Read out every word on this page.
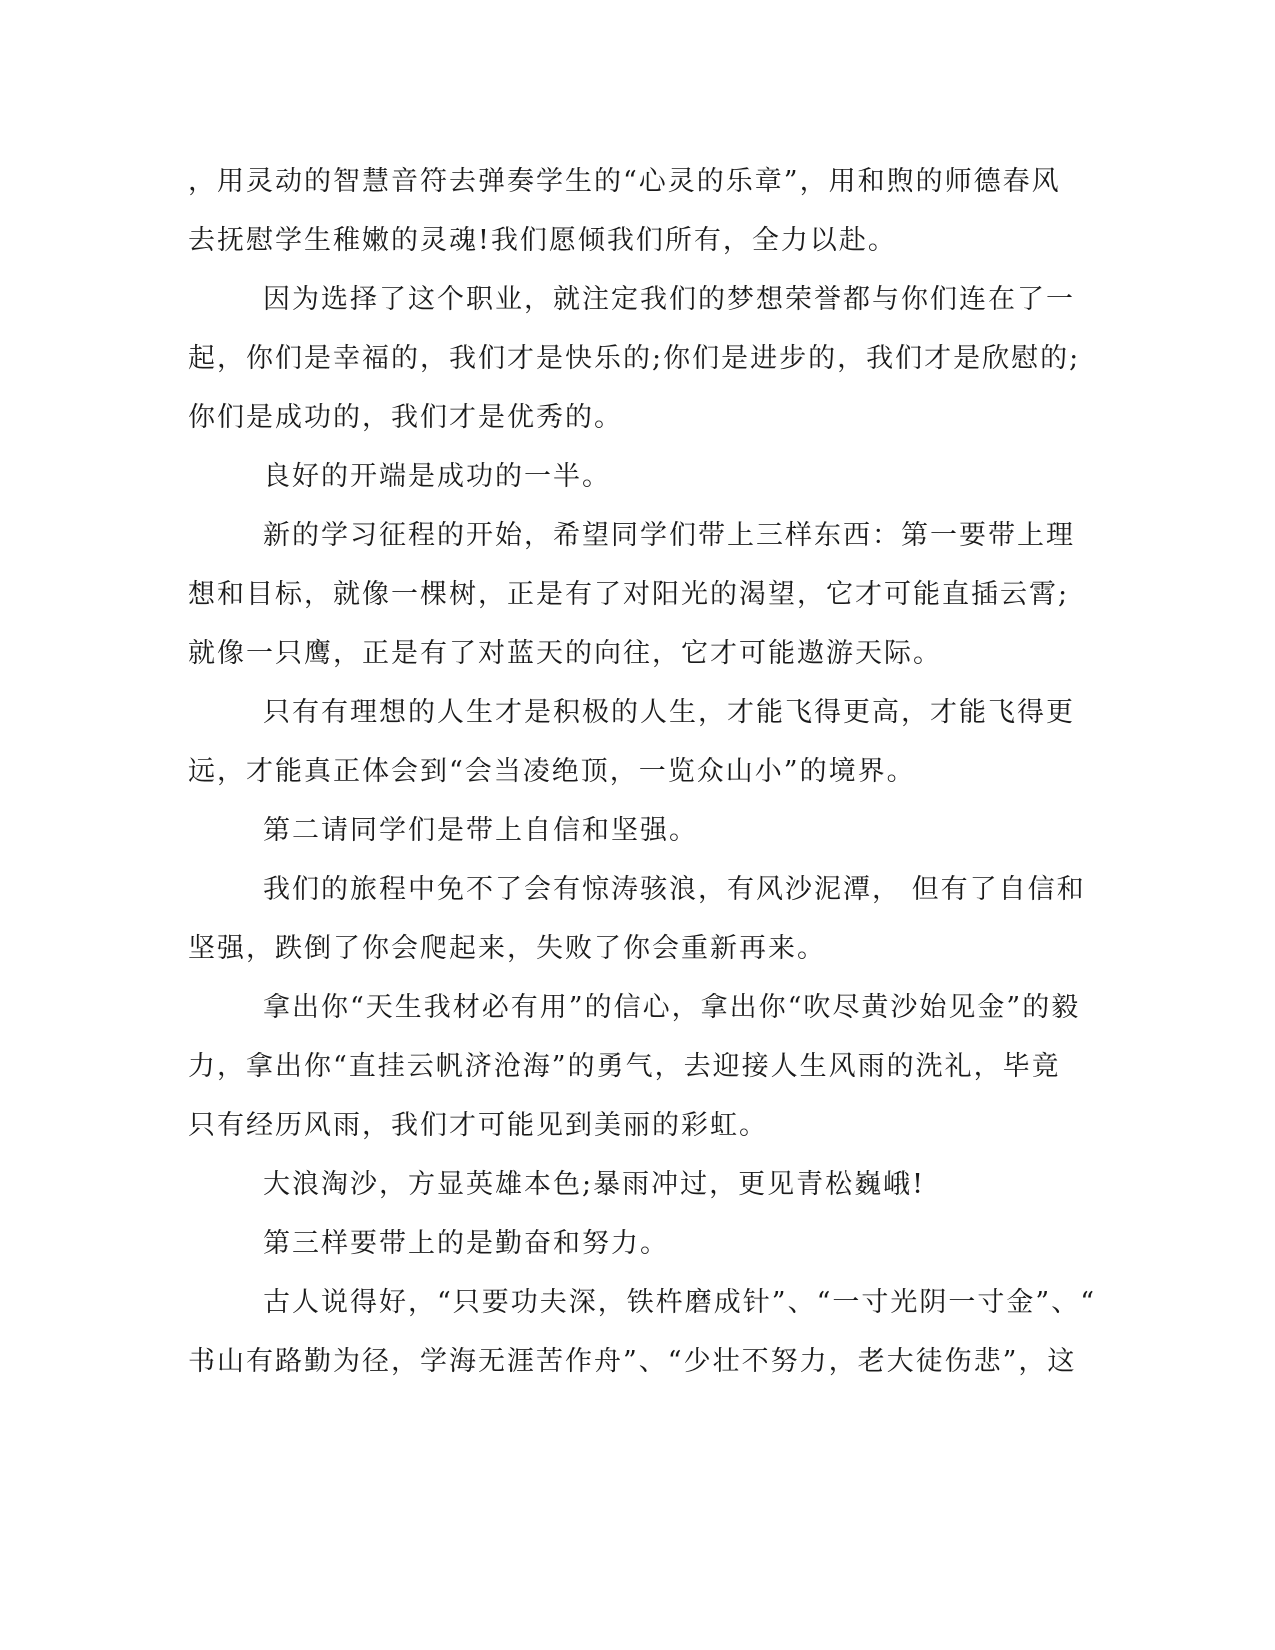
，用灵动的智慧音符去弹奏学生的“心灵的乐章”，用和煦的师德春风
去抚慰学生稚嫩的灵魂!我们愿倾我们所有，全力以赴。
因为选择了这个职业，就注定我们的梦想荣誉都与你们连在了一
起，你们是幸福的，我们才是快乐的;你们是进步的，我们才是欣慰的;
你们是成功的，我们才是优秀的。
良好的开端是成功的一半。
新的学习征程的开始，希望同学们带上三样东西：第一要带上理
想和目标，就像一棵树，正是有了对阳光的渴望，它才可能直插云霄;
就像一只鹰，正是有了对蓝天的向往，它才可能遨游天际。
只有有理想的人生才是积极的人生，才能飞得更高，才能飞得更
远，才能真正体会到“会当凌绝顶，一览众山小”的境界。
第二请同学们是带上自信和坚强。
我们的旅程中免不了会有惊涛骇浪，有风沙泥潭， 但有了自信和
坚强，跌倒了你会爬起来，失败了你会重新再来。
拿出你“天生我材必有用”的信心，拿出你“吹尽黄沙始见金”的毅
力，拿出你“直挂云帆济沧海”的勇气，去迎接人生风雨的洗礼，毕竟
只有经历风雨，我们才可能见到美丽的彩虹。
大浪淘沙，方显英雄本色;暴雨冲过，更见青松巍峨!
第三样要带上的是勤奋和努力。
古人说得好，“只要功夫深，铁杵磨成针”、“一寸光阴一寸金”、“
书山有路勤为径，学海无涯苦作舟”、“少壮不努力，老大徒伤悲”，这
